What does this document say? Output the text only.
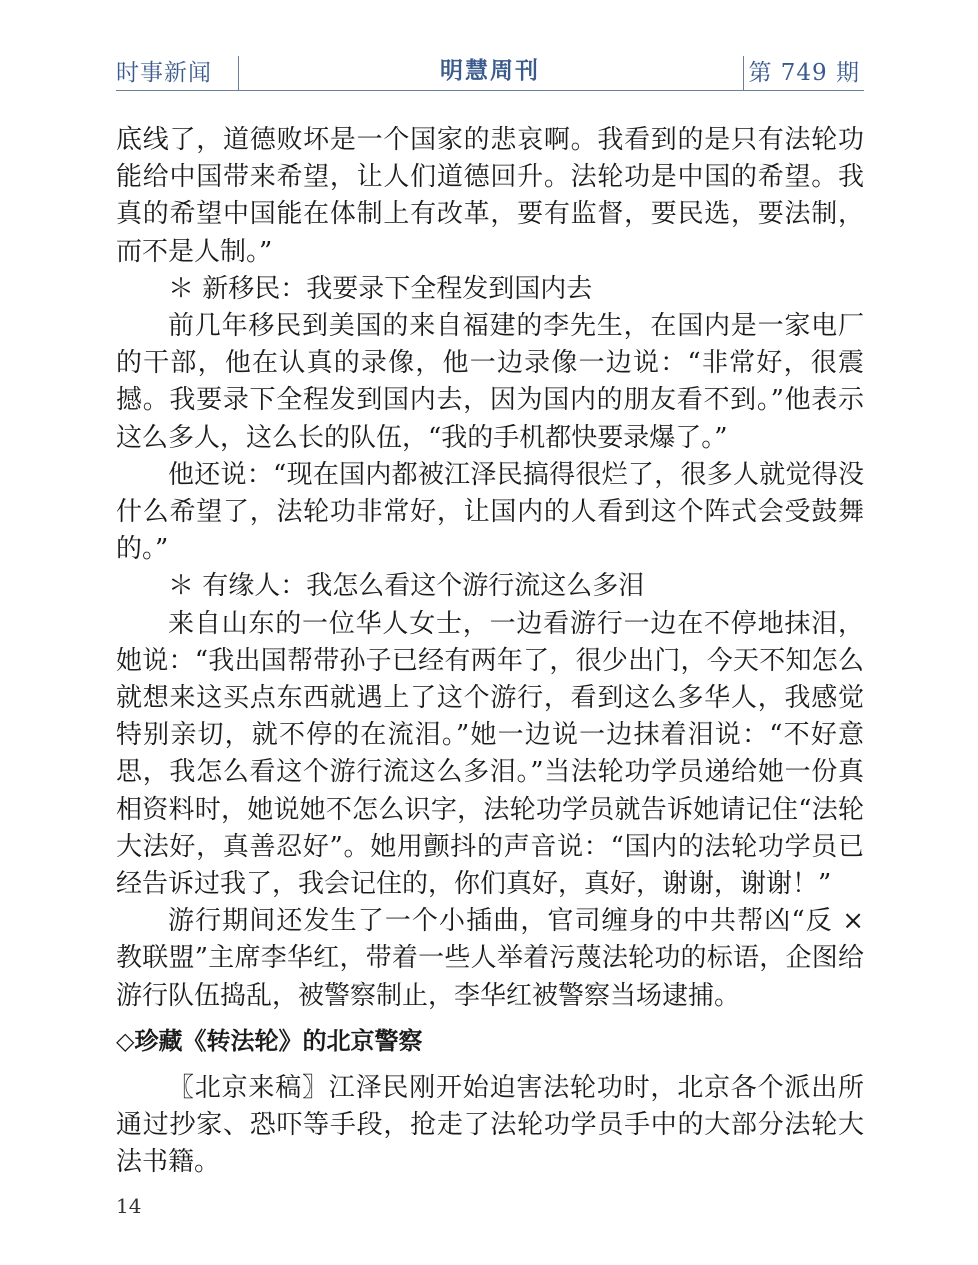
时事新闻	明慧周刊	第 749 期

底线了，道德败坏是一个国家的悲哀啊。我看到的是只有法轮功能给中国带来希望，让人们道德回升。法轮功是中国的希望。我真的希望中国能在体制上有改革，要有监督，要民选，要法制，而不是人制。”

＊ 新移民：我要录下全程发到国内去

前几年移民到美国的来自福建的李先生，在国内是一家电厂的干部，他在认真的录像，他一边录像一边说：“非常好，很震撼。我要录下全程发到国内去，因为国内的朋友看不到。”他表示这么多人，这么长的队伍，“我的手机都快要录爆了。”

他还说：“现在国内都被江泽民搞得很烂了，很多人就觉得没什么希望了，法轮功非常好，让国内的人看到这个阵式会受鼓舞的。”

＊ 有缘人：我怎么看这个游行流这么多泪

来自山东的一位华人女士，一边看游行一边在不停地抹泪，她说：“我出国帮带孙子已经有两年了，很少出门，今天不知怎么就想来这买点东西就遇上了这个游行，看到这么多华人，我感觉特别亲切，就不停的在流泪。”她一边说一边抹着泪说：“不好意思，我怎么看这个游行流这么多泪。”当法轮功学员递给她一份真相资料时，她说她不怎么识字，法轮功学员就告诉她请记住“法轮大法好，真善忍好”。她用颤抖的声音说：“国内的法轮功学员已经告诉过我了，我会记住的，你们真好，真好，谢谢，谢谢！”

游行期间还发生了一个小插曲，官司缠身的中共帮凶“反 × 教联盟”主席李华红，带着一些人举着污蔑法轮功的标语，企图给游行队伍捣乱，被警察制止，李华红被警察当场逮捕。

◇珍藏《转法轮》的北京警察

〖北京来稿〗江泽民刚开始迫害法轮功时，北京各个派出所通过抄家、恐吓等手段，抢走了法轮功学员手中的大部分法轮大法书籍。

14
